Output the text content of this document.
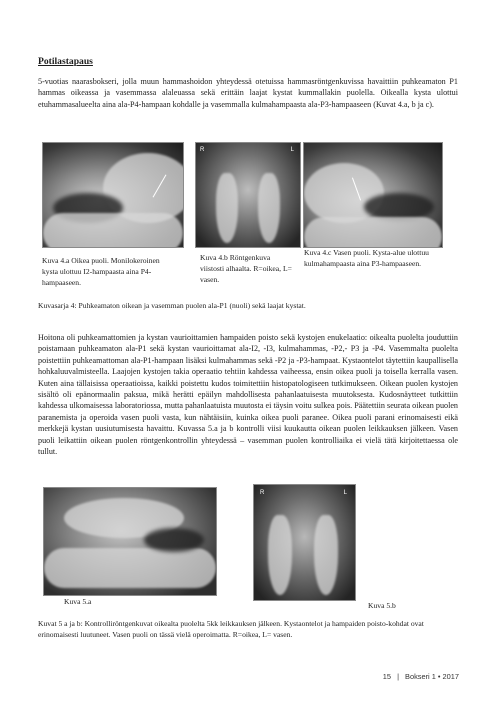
Potilastapaus
5-vuotias naarasbokseri, jolla muun hammashoidon yhteydessä otetuissa hammasröntgenkuvissa havaittiin puhkeamaton P1 hammas oikeassa ja vasemmassa alaleuassa sekä erittäin laajat kystat kummallakin puolella. Oikealla kysta ulottui etuhammasalueelta aina ala-P4-hampaan kohdalle ja vasemmalla kulmahampaasta ala-P3-hampaaseen (Kuvat 4.a, b ja c).
R	L
Kuva 4.a Oikea puoli. Monilokeroinen kysta ulottuu I2-hampaasta aina P4-hampaaseen.
Kuva 4.b Röntgenkuva viistosti alhaalta. R=oikea, L= vasen.
Kuva 4.c Vasen puoli. Kysta-alue ulottuu kulmahampaasta aina P3-hampaaseen.
Kuvasarja 4: Puhkeamaton oikean ja vasemman puolen ala-P1 (nuoli) sekä laajat kystat.
Hoitona oli puhkeamattomien ja kystan vaurioittamien hampaiden poisto sekä kystojen enukelaatio: oikealta puolelta jouduttiin poistamaan puhkeamaton ala-P1 sekä kystan vaurioittamat ala-I2, -I3, kulmahammas, -P2,- P3 ja -P4. Vasemmalta puolelta poistettiin puhkeamattoman ala-P1-hampaan lisäksi kulmahammas sekä -P2 ja -P3-hampaat. Kystaontelot täytettiin kaupallisella hohkaluuvalmisteella. Laajojen kystojen takia operaatio tehtiin kahdessa vaiheessa, ensin oikea puoli ja toisella kerralla vasen. Kuten aina tällaisissa operaatioissa, kaikki poistettu kudos toimitettiin histopatologiseen tutkimukseen. Oikean puolen kystojen sisältö oli epänormaalin paksua, mikä herätti epäilyn mahdollisesta pahanlaatuisesta muutoksesta. Kudosnäytteet tutkittiin kahdessa ulkomaisessa laboratoriossa, mutta pahanlaatuista muutosta ei täysin voitu sulkea pois. Päätettiin seurata oikean puolen paranemista ja operoida vasen puoli vasta, kun nähtäisiin, kuinka oikea puoli paranee. Oikea puoli parani erinomaisesti eikä merkkejä kystan uusiutumisesta havaittu. Kuvassa 5.a ja b kontrolli viisi kuukautta oikean puolen leikkauksen jälkeen. Vasen puoli leikattiin oikean puolen röntgenkontrollin yhteydessä – vasemman puolen kontrolliaika ei vielä tätä kirjoitettaessa ole tullut.
R	L
Kuva 5.a	Kuva 5.b
Kuvat 5 a ja b: Kontrolliröntgenkuvat oikealta puolelta 5kk leikkauksen jälkeen. Kystaontelot ja hampaiden poisto-kohdat ovat erinomaisesti luutuneet. Vasen puoli on tässä vielä operoimatta. R=oikea, L= vasen.
15 | Bokseri 1 • 2017
